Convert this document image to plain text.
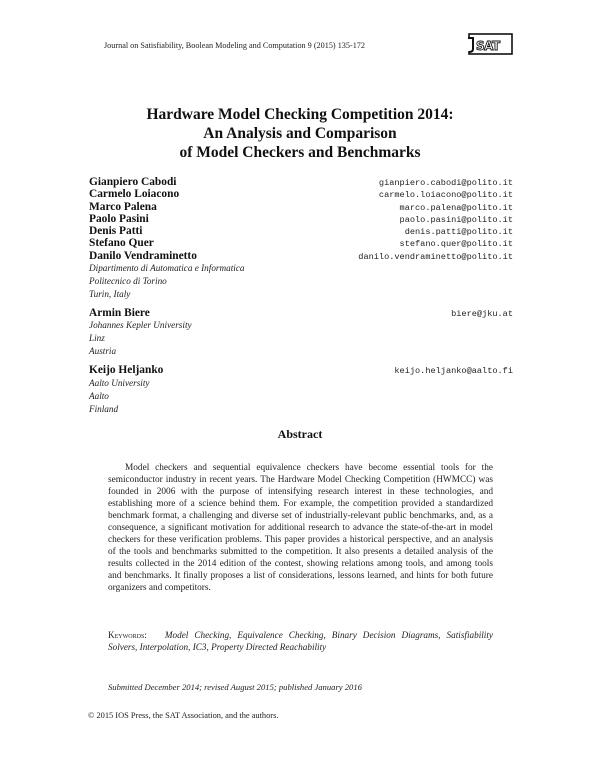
Journal on Satisfiability, Boolean Modeling and Computation 9 (2015) 135-172	SAT
Hardware Model Checking Competition 2014:
An Analysis and Comparison
of Model Checkers and Benchmarks
Gianpiero Cabodi	gianpiero.cabodi@polito.it
Carmelo Loiacono	carmelo.loiacono@polito.it
Marco Palena	marco.palena@polito.it
Paolo Pasini	paolo.pasini@polito.it
Denis Patti	denis.patti@polito.it
Stefano Quer	stefano.quer@polito.it
Danilo Vendraminetto	danilo.vendraminetto@polito.it
Dipartimento di Automatica e Informatica
Politecnico di Torino
Turin, Italy
Armin Biere	biere@jku.at
Johannes Kepler University
Linz
Austria
Keijo Heljanko	keijo.heljanko@aalto.fi
Aalto University
Aalto
Finland
Abstract
Model checkers and sequential equivalence checkers have become essential tools for the semiconductor industry in recent years. The Hardware Model Checking Competition (HWMCC) was founded in 2006 with the purpose of intensifying research interest in these technologies, and establishing more of a science behind them. For example, the competition provided a standardized benchmark format, a challenging and diverse set of industrially-relevant public benchmarks, and, as a consequence, a significant motivation for additional research to advance the state-of-the-art in model checkers for these verification problems. This paper provides a historical perspective, and an analysis of the tools and benchmarks submitted to the competition. It also presents a detailed analysis of the results collected in the 2014 edition of the contest, showing relations among tools, and among tools and benchmarks. It finally proposes a list of considerations, lessons learned, and hints for both future organizers and competitors.
Keywords: Model Checking, Equivalence Checking, Binary Decision Diagrams, Satisfiability Solvers, Interpolation, IC3, Property Directed Reachability
Submitted December 2014; revised August 2015; published January 2016
© 2015 IOS Press, the SAT Association, and the authors.
